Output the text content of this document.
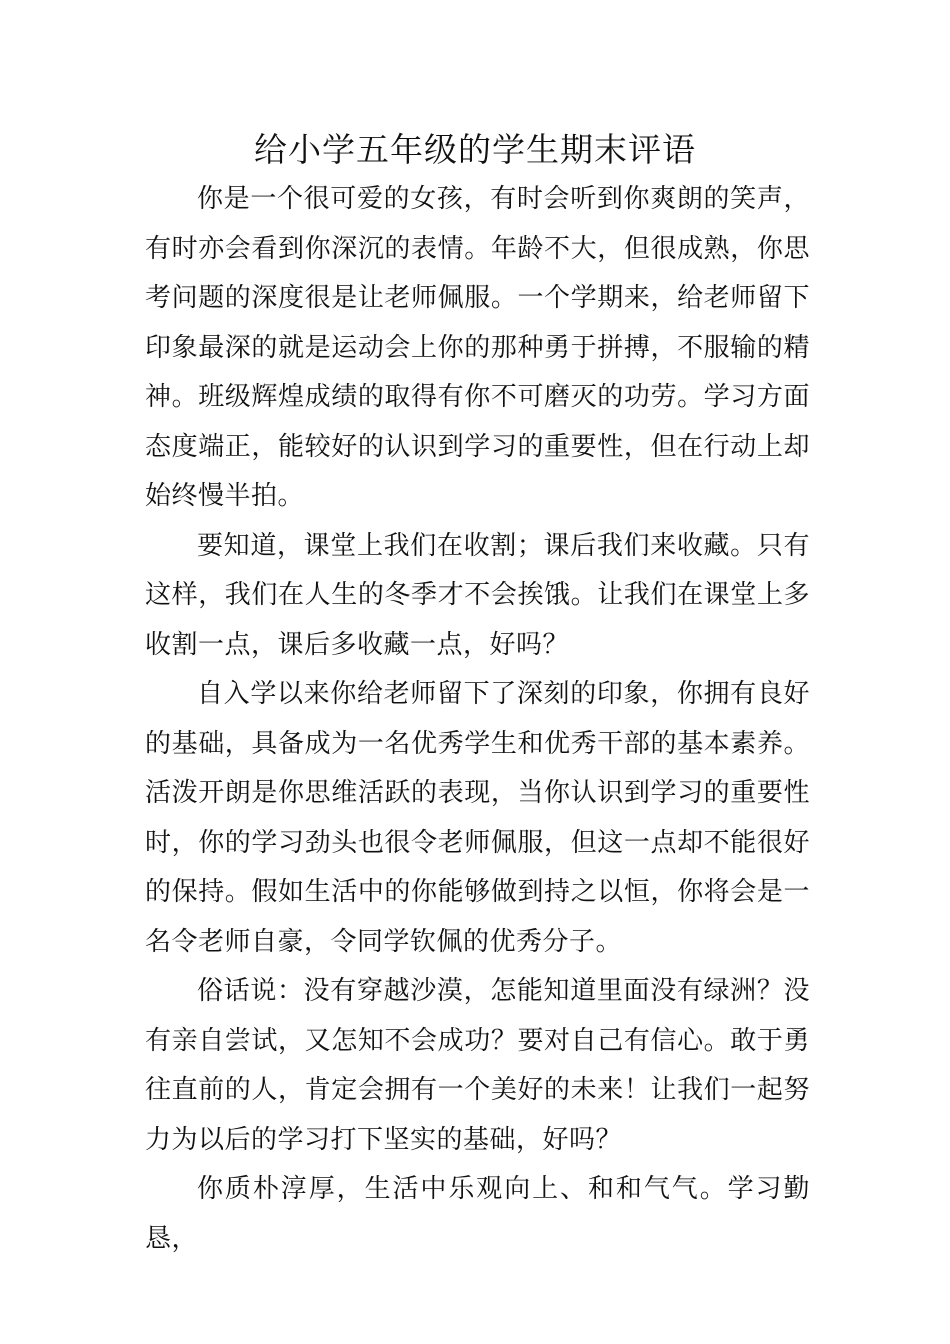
给小学五年级的学生期末评语

你是一个很可爱的女孩，有时会听到你爽朗的笑声，有时亦会看到你深沉的表情。年龄不大，但很成熟，你思考问题的深度很是让老师佩服。一个学期来，给老师留下印象最深的就是运动会上你的那种勇于拼搏，不服输的精神。班级辉煌成绩的取得有你不可磨灭的功劳。学习方面态度端正，能较好的认识到学习的重要性，但在行动上却始终慢半拍。

要知道，课堂上我们在收割；课后我们来收藏。只有这样，我们在人生的冬季才不会挨饿。让我们在课堂上多收割一点，课后多收藏一点，好吗？

自入学以来你给老师留下了深刻的印象，你拥有良好的基础，具备成为一名优秀学生和优秀干部的基本素养。活泼开朗是你思维活跃的表现，当你认识到学习的重要性时，你的学习劲头也很令老师佩服，但这一点却不能很好的保持。假如生活中的你能够做到持之以恒，你将会是一名令老师自豪，令同学钦佩的优秀分子。

俗话说：没有穿越沙漠，怎能知道里面没有绿洲？没有亲自尝试，又怎知不会成功？要对自己有信心。敢于勇往直前的人，肯定会拥有一个美好的未来！让我们一起努力为以后的学习打下坚实的基础，好吗？

你质朴淳厚，生活中乐观向上、和和气气。学习勤恳，
